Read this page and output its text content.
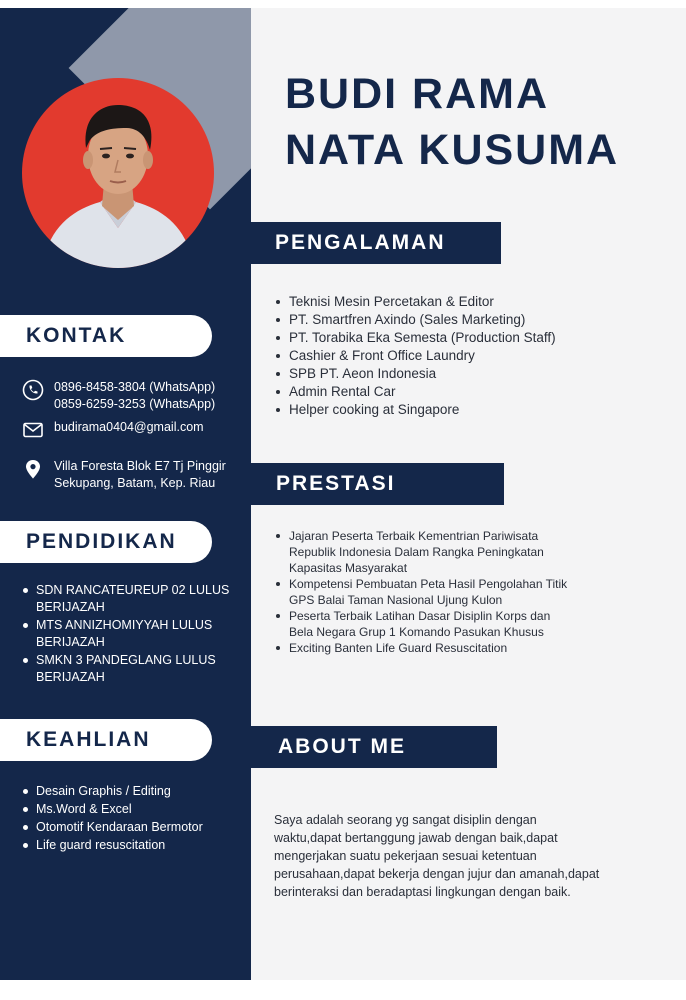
KONTAK
0896-8458-3804 (WhatsApp)
0859-6259-3253 (WhatsApp)
budirama0404@gmail.com
Villa Foresta Blok E7 Tj Pinggir
Sekupang, Batam, Kep. Riau
PENDIDIKAN
SDN RANCATEUREUP 02 LULUS BERIJAZAH
MTS ANNIZHOMIYYAH LULUS BERIJAZAH
SMKN 3 PANDEGLANG LULUS BERIJAZAH
KEAHLIAN
Desain Graphis / Editing
Ms.Word & Excel
Otomotif Kendaraan Bermotor
Life guard resuscitation
BUDI RAMA
NATA KUSUMA
PENGALAMAN
Teknisi Mesin Percetakan & Editor
PT. Smartfren Axindo (Sales Marketing)
PT. Torabika Eka Semesta (Production Staff)
Cashier & Front Office Laundry
SPB PT. Aeon Indonesia
Admin Rental Car
Helper cooking at Singapore
PRESTASI
Jajaran Peserta Terbaik Kementrian Pariwisata Republik Indonesia Dalam Rangka Peningkatan Kapasitas Masyarakat
Kompetensi Pembuatan Peta Hasil Pengolahan Titik GPS Balai Taman Nasional Ujung Kulon
Peserta Terbaik Latihan Dasar Disiplin Korps dan Bela Negara Grup 1 Komando Pasukan Khusus
Exciting Banten Life Guard Resuscitation
ABOUT ME

Saya adalah seorang yg sangat disiplin dengan waktu,dapat bertanggung jawab dengan baik,dapat mengerjakan suatu pekerjaan sesuai ketentuan perusahaan,dapat bekerja dengan jujur dan amanah,dapat berinteraksi dan beradaptasi lingkungan dengan baik.
